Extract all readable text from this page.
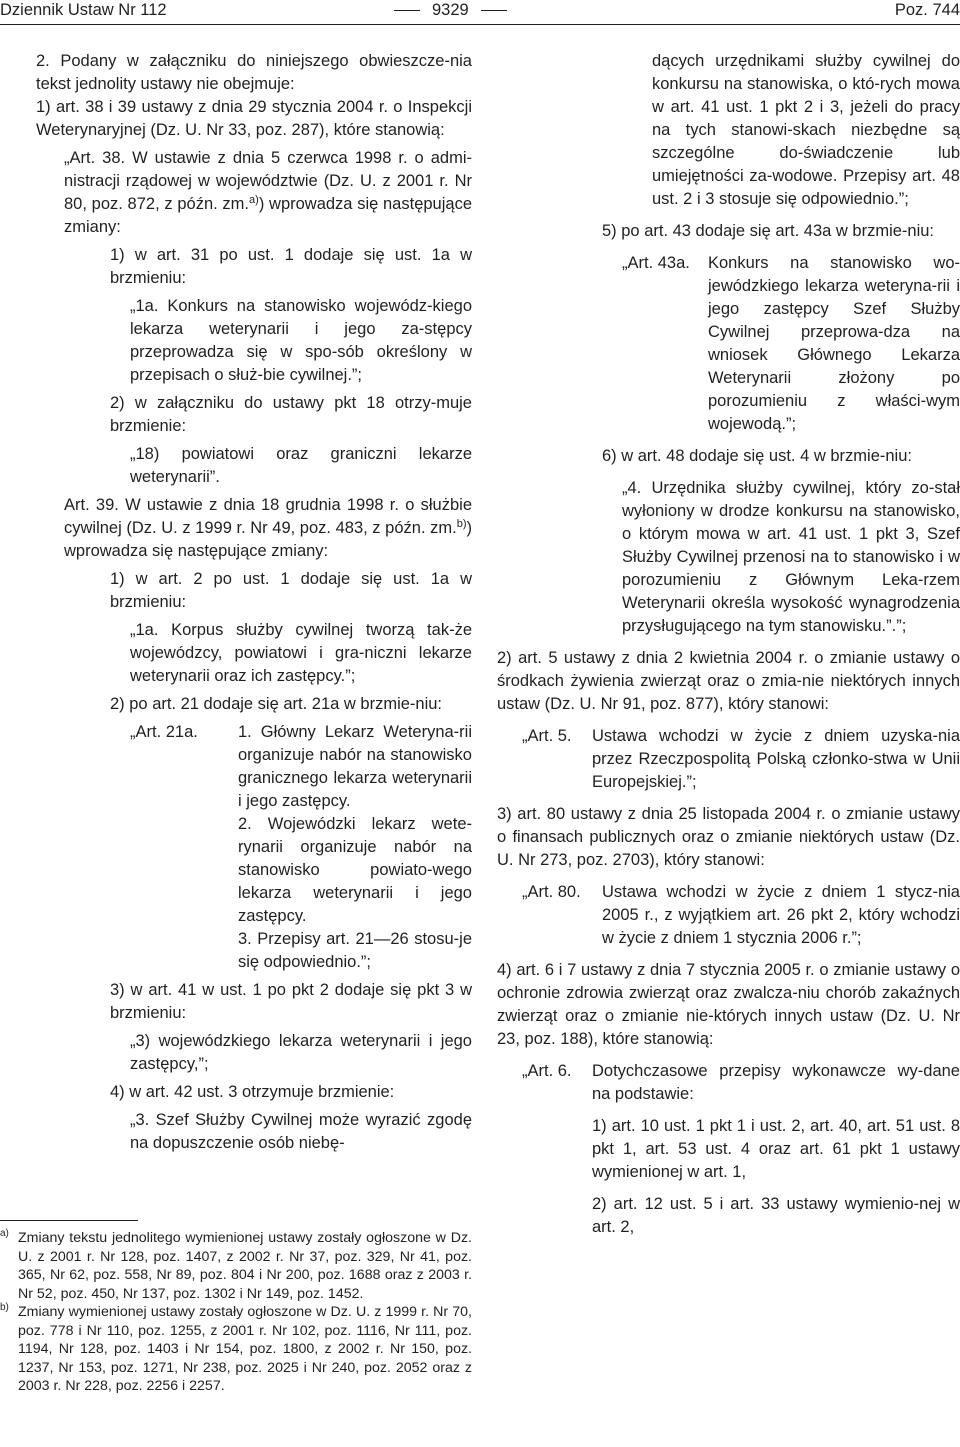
Dziennik Ustaw Nr 112	9329	Poz. 744

2. Podany w załączniku do niniejszego obwieszcze-nia tekst jednolity ustawy nie obejmuje:

1) art. 38 i 39 ustawy z dnia 29 stycznia 2004 r. o Inspekcji Weterynaryjnej (Dz. U. Nr 33, poz. 287), które stanowią:

„Art. 38. W ustawie z dnia 5 czerwca 1998 r. o admi-nistracji rządowej w województwie (Dz. U. z 2001 r. Nr 80, poz. 872, z późn. zm.$^{a)}$) wprowadza się następujące zmiany:

1) w art. 31 po ust. 1 dodaje się ust. 1a w brzmieniu:

„1a. Konkurs na stanowisko wojewódz-kiego lekarza weterynarii i jego za-stępcy przeprowadza się w spo-sób określony w przepisach o służ-bie cywilnej.”;

2) w załączniku do ustawy pkt 18 otrzy-muje brzmienie:

„18) powiatowi oraz graniczni lekarze weterynarii”.

Art. 39. W ustawie z dnia 18 grudnia 1998 r. o służbie cywilnej (Dz. U. z 1999 r. Nr 49, poz. 483, z późn. zm.$^{b)}$) wprowadza się następujące zmiany:

1) w art. 2 po ust. 1 dodaje się ust. 1a w brzmieniu:

„1a. Korpus służby cywilnej tworzą tak-że wojewódzcy, powiatowi i gra-niczni lekarze weterynarii oraz ich zastępcy.”;

2) po art. 21 dodaje się art. 21a w brzmie-niu:

„Art. 21a. 1. Główny Lekarz Weteryna-rii organizuje nabór na stanowisko granicznego lekarza weterynarii i jego zastępcy.

2. Wojewódzki lekarz wete-rynarii organizuje nabór na stanowisko powiato-wego lekarza weterynarii i jego zastępcy.

3. Przepisy art. 21—26 stosu-je się odpowiednio.”;

3) w art. 41 w ust. 1 po pkt 2 dodaje się pkt 3 w brzmieniu:

„3) wojewódzkiego lekarza weterynarii i jego zastępcy,”;

4) w art. 42 ust. 3 otrzymuje brzmienie:

„3. Szef Służby Cywilnej może wyrazić zgodę na dopuszczenie osób niebę-

a) Zmiany tekstu jednolitego wymienionej ustawy zostały ogłoszone w Dz. U. z 2001 r. Nr 128, poz. 1407, z 2002 r. Nr 37, poz. 329, Nr 41, poz. 365, Nr 62, poz. 558, Nr 89, poz. 804 i Nr 200, poz. 1688 oraz z 2003 r. Nr 52, poz. 450, Nr 137, poz. 1302 i Nr 149, poz. 1452.

b) Zmiany wymienionej ustawy zostały ogłoszone w Dz. U. z 1999 r. Nr 70, poz. 778 i Nr 110, poz. 1255, z 2001 r. Nr 102, poz. 1116, Nr 111, poz. 1194, Nr 128, poz. 1403 i Nr 154, poz. 1800, z 2002 r. Nr 150, poz. 1237, Nr 153, poz. 1271, Nr 238, poz. 2025 i Nr 240, poz. 2052 oraz z 2003 r. Nr 228, poz. 2256 i 2257.

dących urzędnikami służby cywilnej do konkursu na stanowiska, o któ-rych mowa w art. 41 ust. 1 pkt 2 i 3, jeżeli do pracy na tych stanowi-skach niezbędne są szczególne do-świadczenie lub umiejętności za-wodowe. Przepisy art. 48 ust. 2 i 3 stosuje się odpowiednio.”;

5) po art. 43 dodaje się art. 43a w brzmie-niu:

„Art. 43a. Konkurs na stanowisko wo-jewódzkiego lekarza weteryna-rii i jego zastępcy Szef Służby Cywilnej przeprowa-dza na wniosek Głównego Lekarza Weterynarii złożony po porozumieniu z właści-wym wojewodą.”;

6) w art. 48 dodaje się ust. 4 w brzmie-niu:

„4. Urzędnika służby cywilnej, który zo-stał wyłoniony w drodze konkursu na stanowisko, o którym mowa w art. 41 ust. 1 pkt 3, Szef Służby Cywilnej przenosi na to stanowisko i w porozumieniu z Głównym Leka-rzem Weterynarii określa wysokość wynagrodzenia przysługującego na tym stanowisku.”.”;

2) art. 5 ustawy z dnia 2 kwietnia 2004 r. o zmianie ustawy o środkach żywienia zwierząt oraz o zmia-nie niektórych innych ustaw (Dz. U. Nr 91, poz. 877), który stanowi:

„Art. 5. Ustawa wchodzi w życie z dniem uzyska-nia przez Rzeczpospolitą Polską członko-stwa w Unii Europejskiej.”;

3) art. 80 ustawy z dnia 25 listopada 2004 r. o zmianie ustawy o finansach publicznych oraz o zmianie niektórych ustaw (Dz. U. Nr 273, poz. 2703), który stanowi:

„Art. 80. Ustawa wchodzi w życie z dniem 1 stycz-nia 2005 r., z wyjątkiem art. 26 pkt 2, który wchodzi w życie z dniem 1 stycznia 2006 r.”;

4) art. 6 i 7 ustawy z dnia 7 stycznia 2005 r. o zmianie ustawy o ochronie zdrowia zwierząt oraz zwalcza-niu chorób zakaźnych zwierząt oraz o zmianie nie-których innych ustaw (Dz. U. Nr 23, poz. 188), które stanowią:

„Art. 6. Dotychczasowe przepisy wykonawcze wy-dane na podstawie:

1) art. 10 ust. 1 pkt 1 i ust. 2, art. 40, art. 51 ust. 8 pkt 1, art. 53 ust. 4 oraz art. 61 pkt 1 ustawy wymienionej w art. 1,

2) art. 12 ust. 5 i art. 33 ustawy wymienio-nej w art. 2,
